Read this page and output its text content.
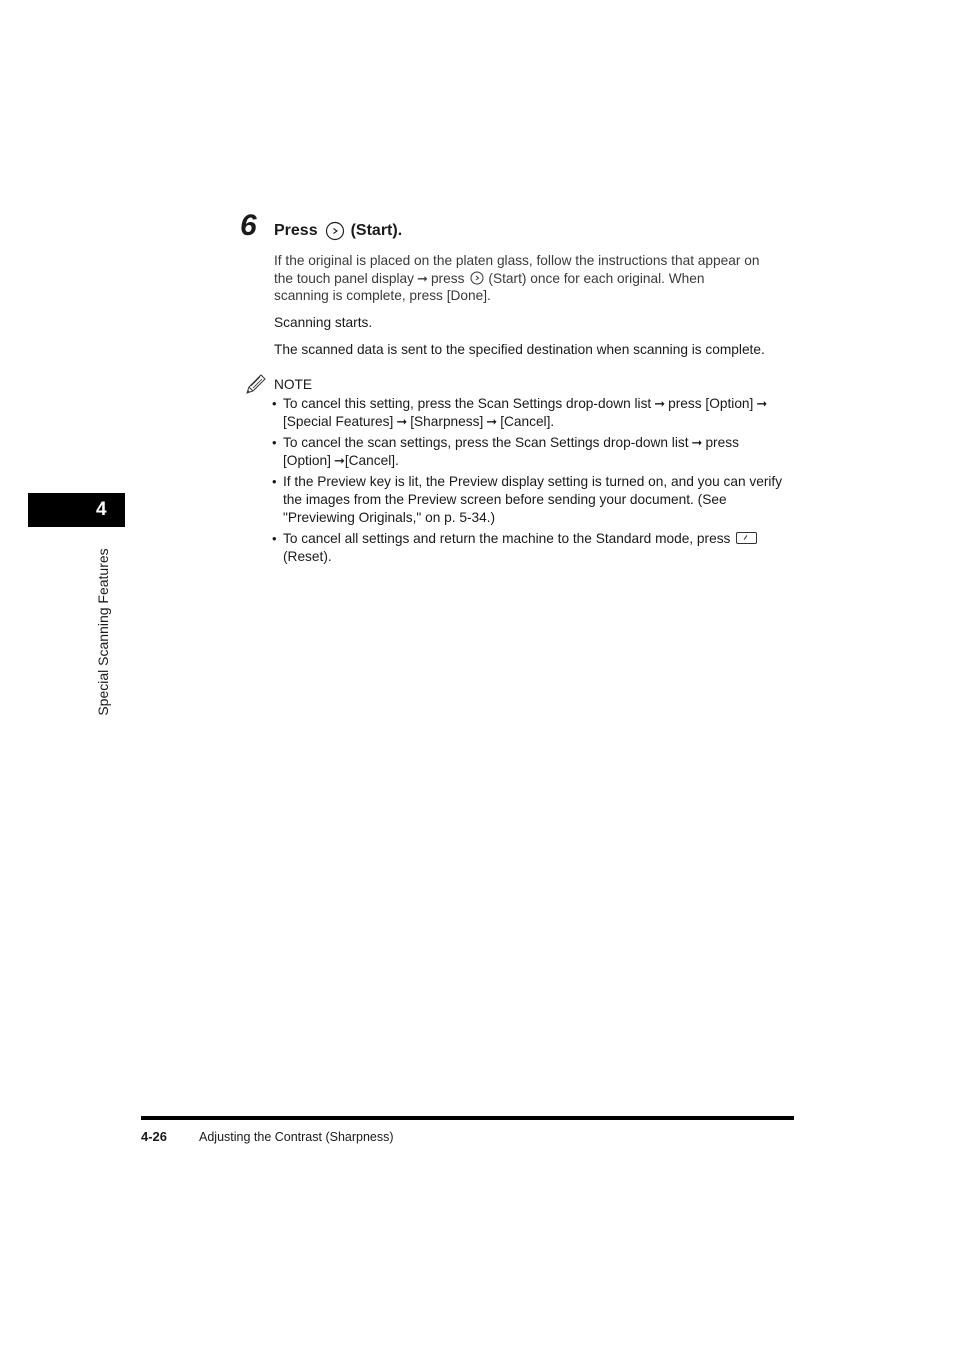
6 Press (Start).
If the original is placed on the platen glass, follow the instructions that appear on
the touch panel display ➞ press (Start) once for each original. When
scanning is complete, press [Done].
Scanning starts.
The scanned data is sent to the specified destination when scanning is complete.
NOTE
• To cancel this setting, press the Scan Settings drop-down list ➞ press [Option] ➞
[Special Features] ➞ [Sharpness] ➞ [Cancel].
• To cancel the scan settings, press the Scan Settings drop-down list ➞ press
[Option] ➞[Cancel].
• If the Preview key is lit, the Preview display setting is turned on, and you can verify
the images from the Preview screen before sending your document. (See
"Previewing Originals," on p. 5-34.)
• To cancel all settings and return the machine to the Standard mode, press
(Reset).
4
Special Scanning Features
4-26	Adjusting the Contrast (Sharpness)
